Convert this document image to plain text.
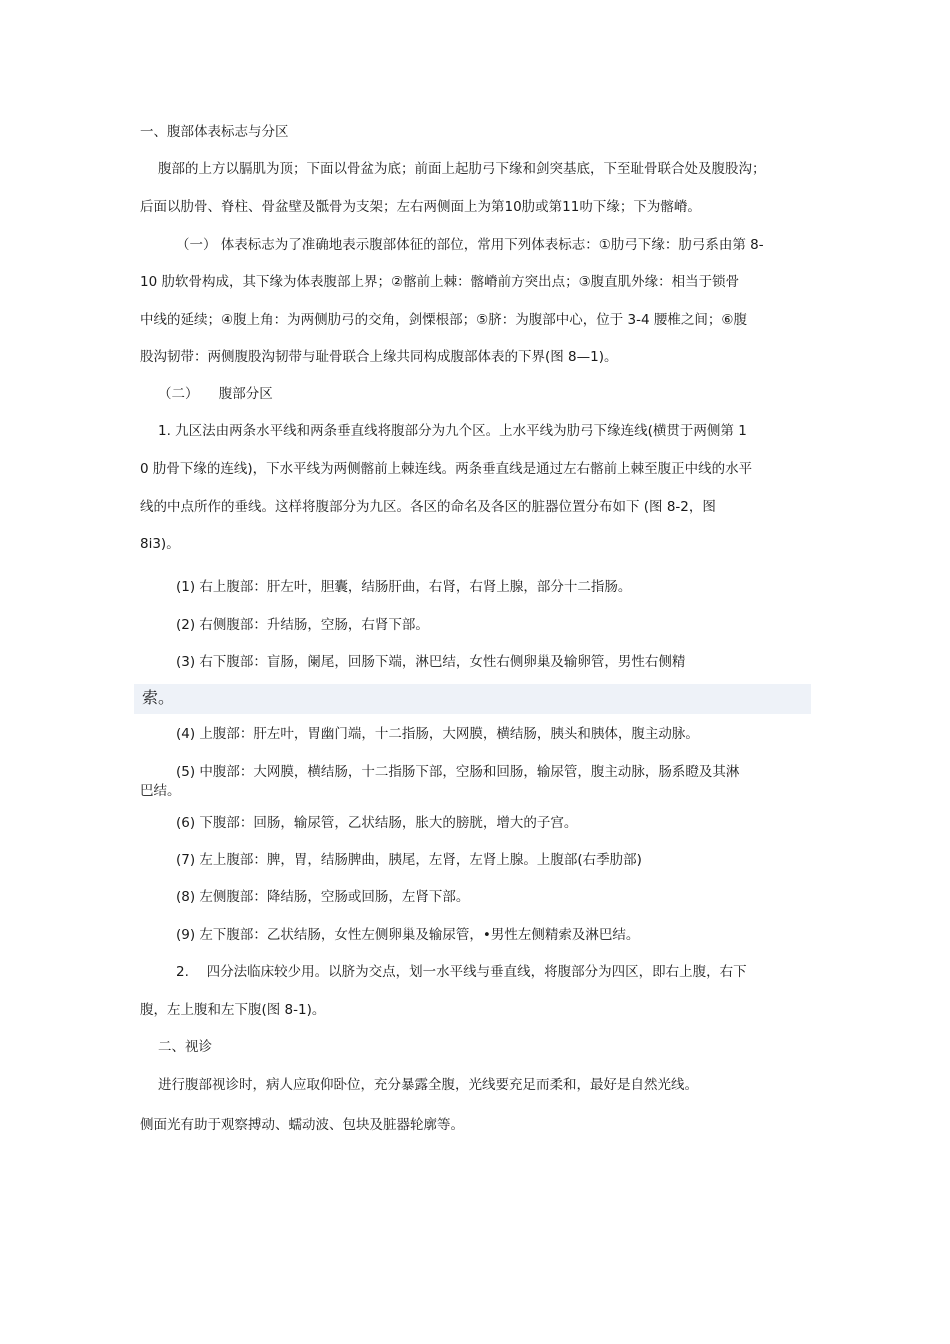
一、腹部体表标志与分区
腹部的上方以膈肌为顶；下面以骨盆为底；前面上起肋弓下缘和剑突基底，下至耻骨联合处及腹股沟；
后面以肋骨、脊柱、骨盆壁及骶骨为支架；左右两侧面上为第10肋或第11叻下缘；下为髂嵴。
（一） 体表标志为了准确地表示腹部体征的部位，常用下列体表标志：①肋弓下缘：肋弓系由第 8-
10 肋软骨构成，其下缘为体表腹部上界；②髂前上棘：髂嵴前方突出点；③腹直肌外缘：相当于锁骨
中线的延续；④腹上角：为两侧肋弓的交角，剑慄根部；⑤脐：为腹部中心，位于 3-4 腰椎之间；⑥腹
股沟韧带：两侧腹股沟韧带与耻骨联合上缘共同构成腹部体表的下界(图 8—1)。
（二）　　腹部分区
1. 九区法由两条水平线和两条垂直线将腹部分为九个区。上水平线为肋弓下缘连线(横贯于两侧第 1
0 肋骨下缘的连线)，下水平线为两侧髂前上棘连线。两条垂直线是通过左右髂前上棘至腹正中线的水平
线的中点所作的垂线。这样将腹部分为九区。各区的命名及各区的脏器位置分布如下 (图 8-2，图
8i3)。
(1) 右上腹部：肝左叶，胆囊，结肠肝曲，右肾，右肾上腺，部分十二指肠。
(2) 右侧腹部：升结肠，空肠，右肾下部。
(3) 右下腹部：盲肠，阑尾，回肠下端，淋巴结，女性右侧卵巢及输卵管，男性右侧精
索。
(4) 上腹部：肝左叶，胃幽门端，十二指肠，大网膜，横结肠，胰头和胰体，腹主动脉。
(5) 中腹部：大网膜，横结肠，十二指肠下部，空肠和回肠，输尿管，腹主动脉，肠系瞪及其淋
巴结。
(6) 下腹部：回肠，输尿管，乙状结肠，胀大的膀胱，增大的子宫。
(7) 左上腹部：脾，胃，结肠脾曲，胰尾，左肾，左肾上腺。上腹部(右季肋部)
(8) 左侧腹部：降结肠，空肠或回肠，左肾下部。
(9) 左下腹部：乙状结肠，女性左侧卵巢及输尿管，•男性左侧精索及淋巴结。
2.　 四分法临床较少用。以脐为交点，划一水平线与垂直线，将腹部分为四区，即右上腹，右下
腹，左上腹和左下腹(图 8-1)。
二、视诊
进行腹部视诊时，病人应取仰卧位，充分暴露全腹，光线要充足而柔和，最好是自然光线。
侧面光有助于观察搏动、蠕动波、包块及脏器轮廓等。
